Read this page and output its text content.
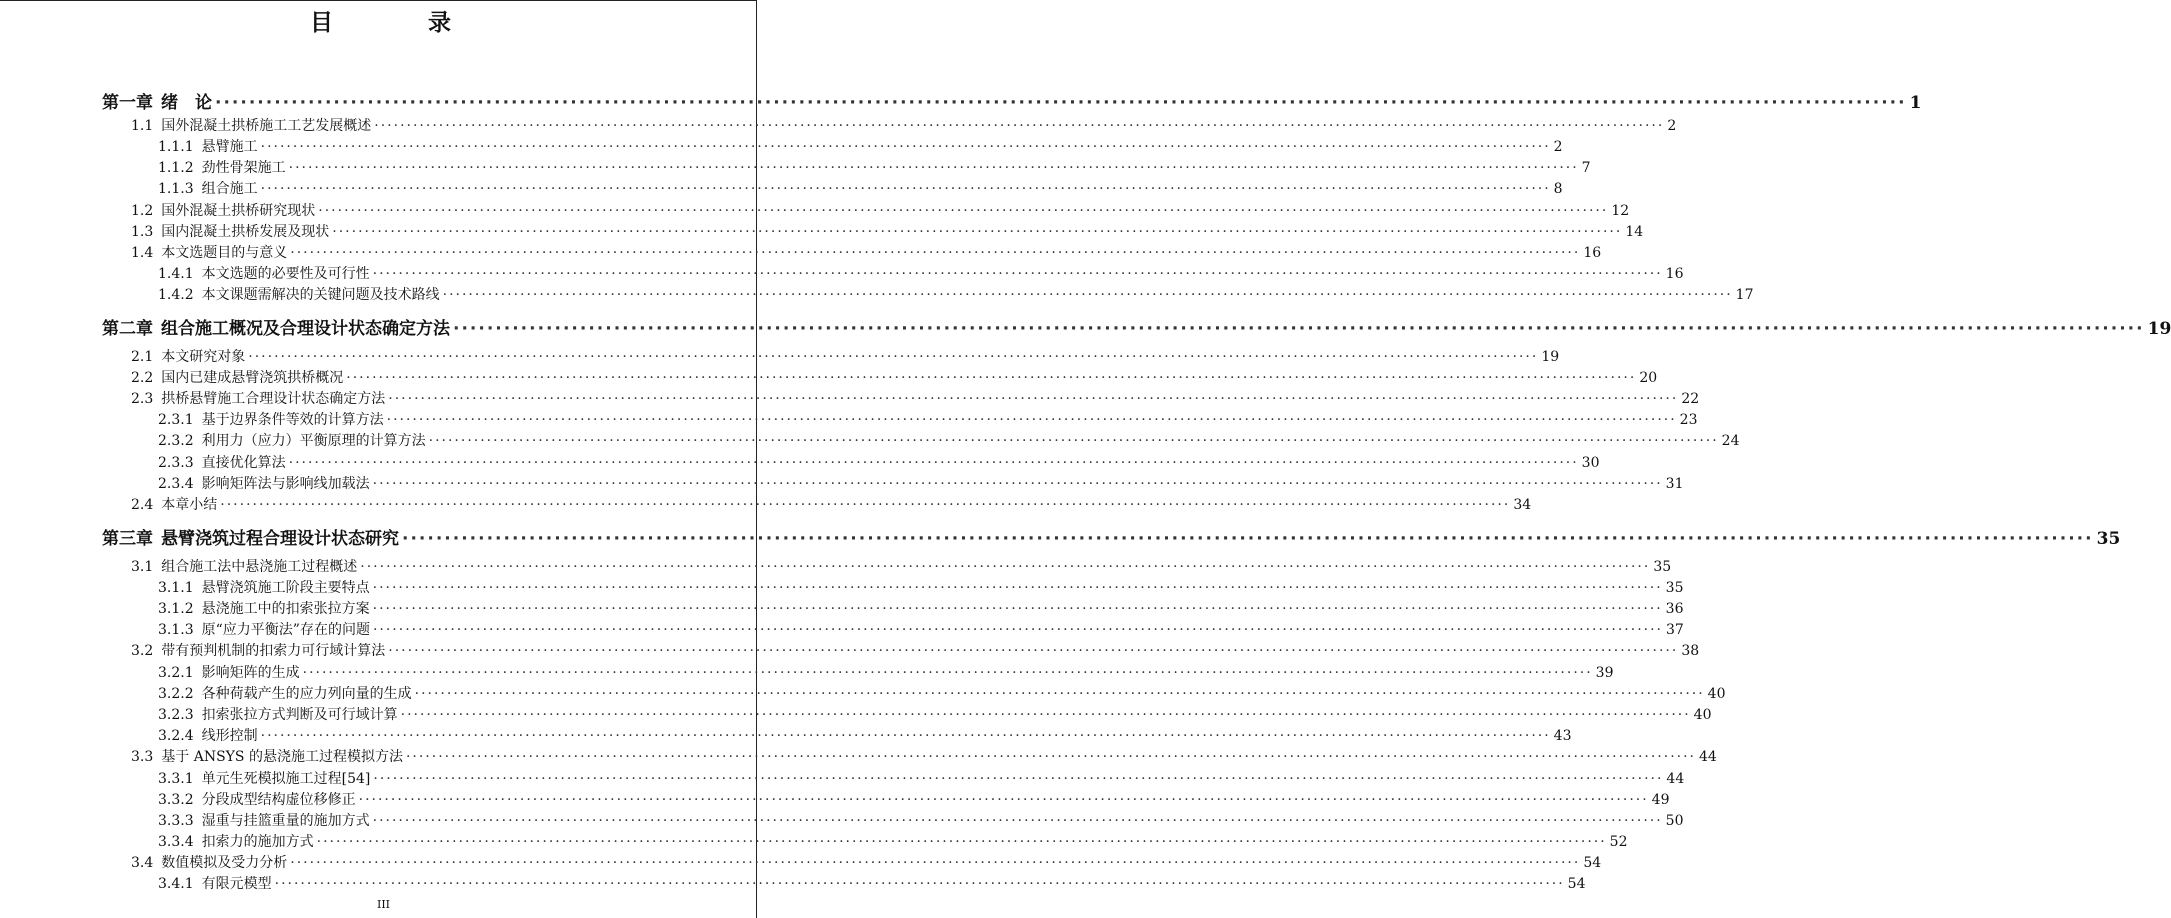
目　录
第一章 绪　论 ········································································································································································································ 1
1.1 国外混凝土拱桥施工工艺发展概述 ········································································································································································································ 2
1.1.1 悬臂施工 ········································································································································································································ 2
1.1.2 劲性骨架施工 ········································································································································································································ 7
1.1.3 组合施工 ········································································································································································································ 8
1.2 国外混凝土拱桥研究现状 ········································································································································································································ 12
1.3 国内混凝土拱桥发展及现状 ········································································································································································································ 14
1.4 本文选题目的与意义 ········································································································································································································ 16
1.4.1 本文选题的必要性及可行性 ········································································································································································································ 16
1.4.2 本文课题需解决的关键问题及技术路线 ········································································································································································································ 17
第二章 组合施工概况及合理设计状态确定方法 ········································································································································································································ 19
2.1 本文研究对象 ········································································································································································································ 19
2.2 国内已建成悬臂浇筑拱桥概况 ········································································································································································································ 20
2.3 拱桥悬臂施工合理设计状态确定方法 ········································································································································································································ 22
2.3.1 基于边界条件等效的计算方法 ········································································································································································································ 23
2.3.2 利用力（应力）平衡原理的计算方法 ········································································································································································································ 24
2.3.3 直接优化算法 ········································································································································································································ 30
2.3.4 影响矩阵法与影响线加载法 ········································································································································································································ 31
2.4 本章小结 ········································································································································································································ 34
第三章 悬臂浇筑过程合理设计状态研究 ········································································································································································································ 35
3.1 组合施工法中悬浇施工过程概述 ········································································································································································································ 35
3.1.1 悬臂浇筑施工阶段主要特点 ········································································································································································································ 35
3.1.2 悬浇施工中的扣索张拉方案 ········································································································································································································ 36
3.1.3 原“应力平衡法”存在的问题 ········································································································································································································ 37
3.2 带有预判机制的扣索力可行域计算法 ········································································································································································································ 38
3.2.1 影响矩阵的生成 ········································································································································································································ 39
3.2.2 各种荷载产生的应力列向量的生成 ········································································································································································································ 40
3.2.3 扣索张拉方式判断及可行域计算 ········································································································································································································ 40
3.2.4 线形控制 ········································································································································································································ 43
3.3 基于 ANSYS 的悬浇施工过程模拟方法 ········································································································································································································ 44
3.3.1 单元生死模拟施工过程[54] ········································································································································································································ 44
3.3.2 分段成型结构虚位移修正 ········································································································································································································ 49
3.3.3 湿重与挂篮重量的施加方式 ········································································································································································································ 50
3.3.4 扣索力的施加方式 ········································································································································································································ 52
3.4 数值模拟及受力分析 ········································································································································································································ 54
3.4.1 有限元模型 ········································································································································································································ 54
III
